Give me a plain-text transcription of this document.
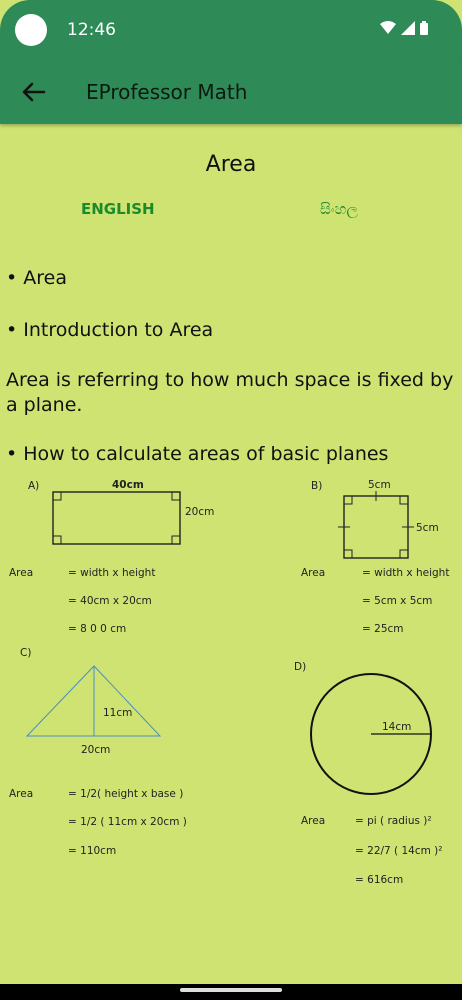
12:46
EProfessor Math
Area
ENGLISH	සිංහල
• Area
• Introduction to Area
Area is referring to how much space is fixed by a plane.
• How to calculate areas of basic planes
A)	40cm
20cm
Area	= width x height
= 40cm x 20cm
= 8 0 0 cm
B)	5cm
5cm
Area	= width x height
= 5cm x 5cm
= 25cm
C)
11cm
20cm
Area	= 1/2( height x base )
= 1/2 ( 11cm x 20cm )
= 110cm
D)
14cm
Area	= pi ( radius )²
= 22/7 ( 14cm )²
= 616cm
